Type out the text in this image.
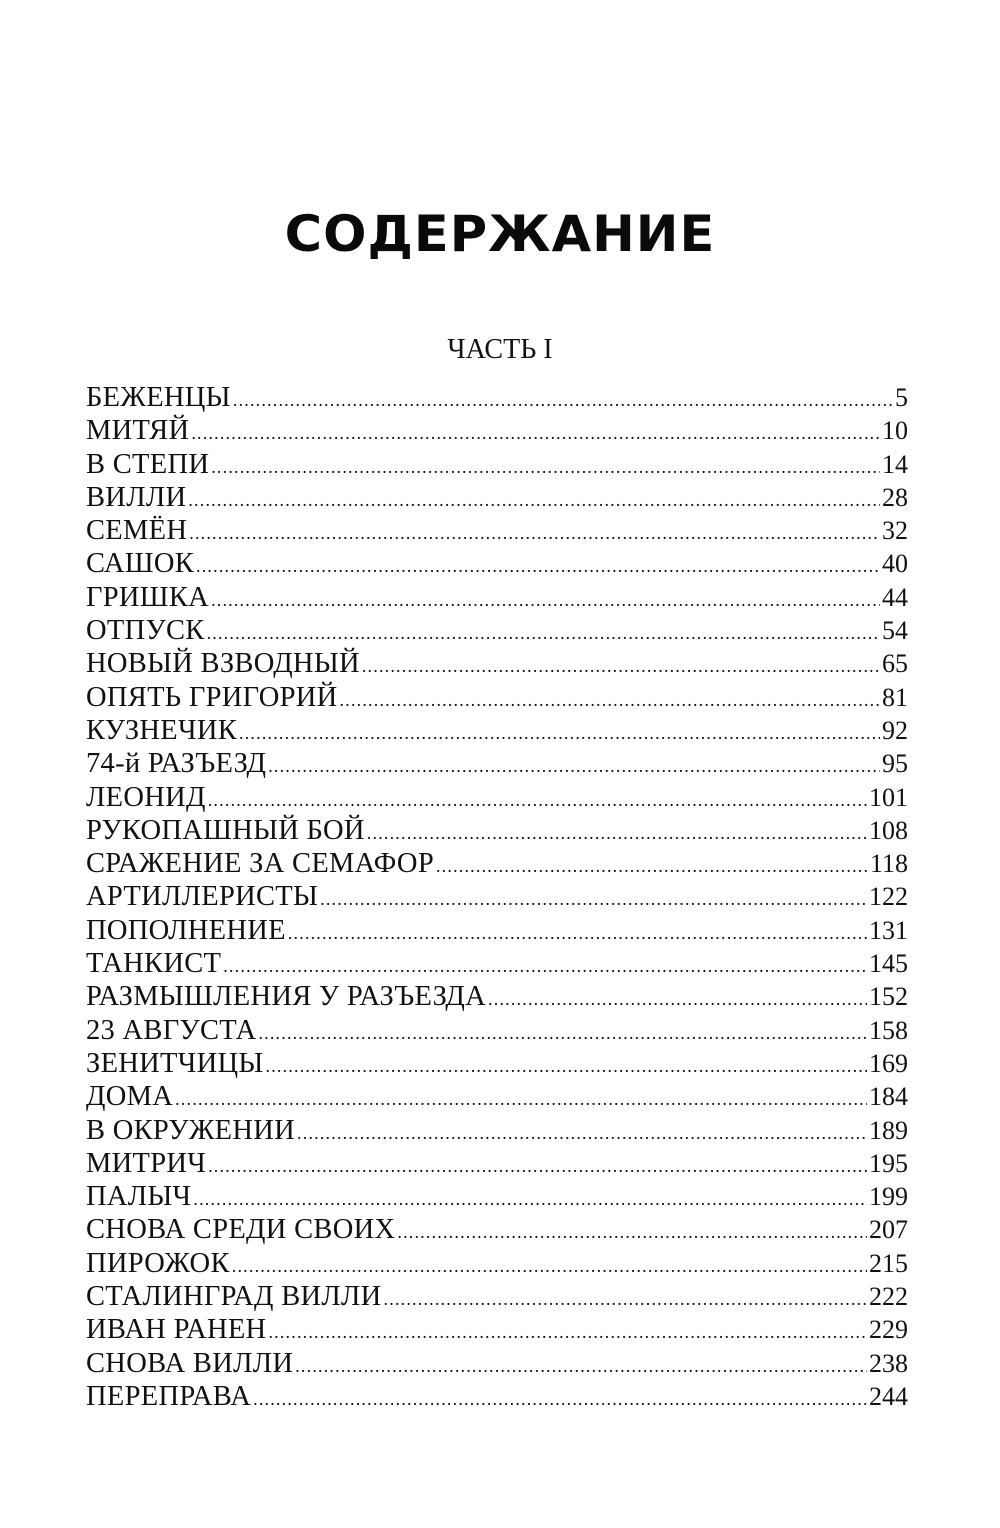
СОДЕРЖАНИЕ
ЧАСТЬ I
БЕЖЕНЦЫ .....	5
МИТЯЙ .....	10
В СТЕПИ .....	14
ВИЛЛИ .....	28
СЕМЁН .....	32
САШОК .....	40
ГРИШКА .....	44
ОТПУСК .....	54
НОВЫЙ ВЗВОДНЫЙ .....	65
ОПЯТЬ ГРИГОРИЙ .....	81
КУЗНЕЧИК .....	92
74-й РАЗЪЕЗД .....	95
ЛЕОНИД .....	101
РУКОПАШНЫЙ БОЙ .....	108
СРАЖЕНИЕ ЗА СЕМАФОР .....	118
АРТИЛЛЕРИСТЫ .....	122
ПОПОЛНЕНИЕ .....	131
ТАНКИСТ .....	145
РАЗМЫШЛЕНИЯ У РАЗЪЕЗДА .....	152
23 АВГУСТА .....	158
ЗЕНИТЧИЦЫ .....	169
ДОМА .....	184
В ОКРУЖЕНИИ .....	189
МИТРИЧ .....	195
ПАЛЫЧ .....	199
СНОВА СРЕДИ СВОИХ .....	207
ПИРОЖОК .....	215
СТАЛИНГРАД ВИЛЛИ .....	222
ИВАН РАНЕН .....	229
СНОВА ВИЛЛИ .....	238
ПЕРЕПРАВА .....	244
